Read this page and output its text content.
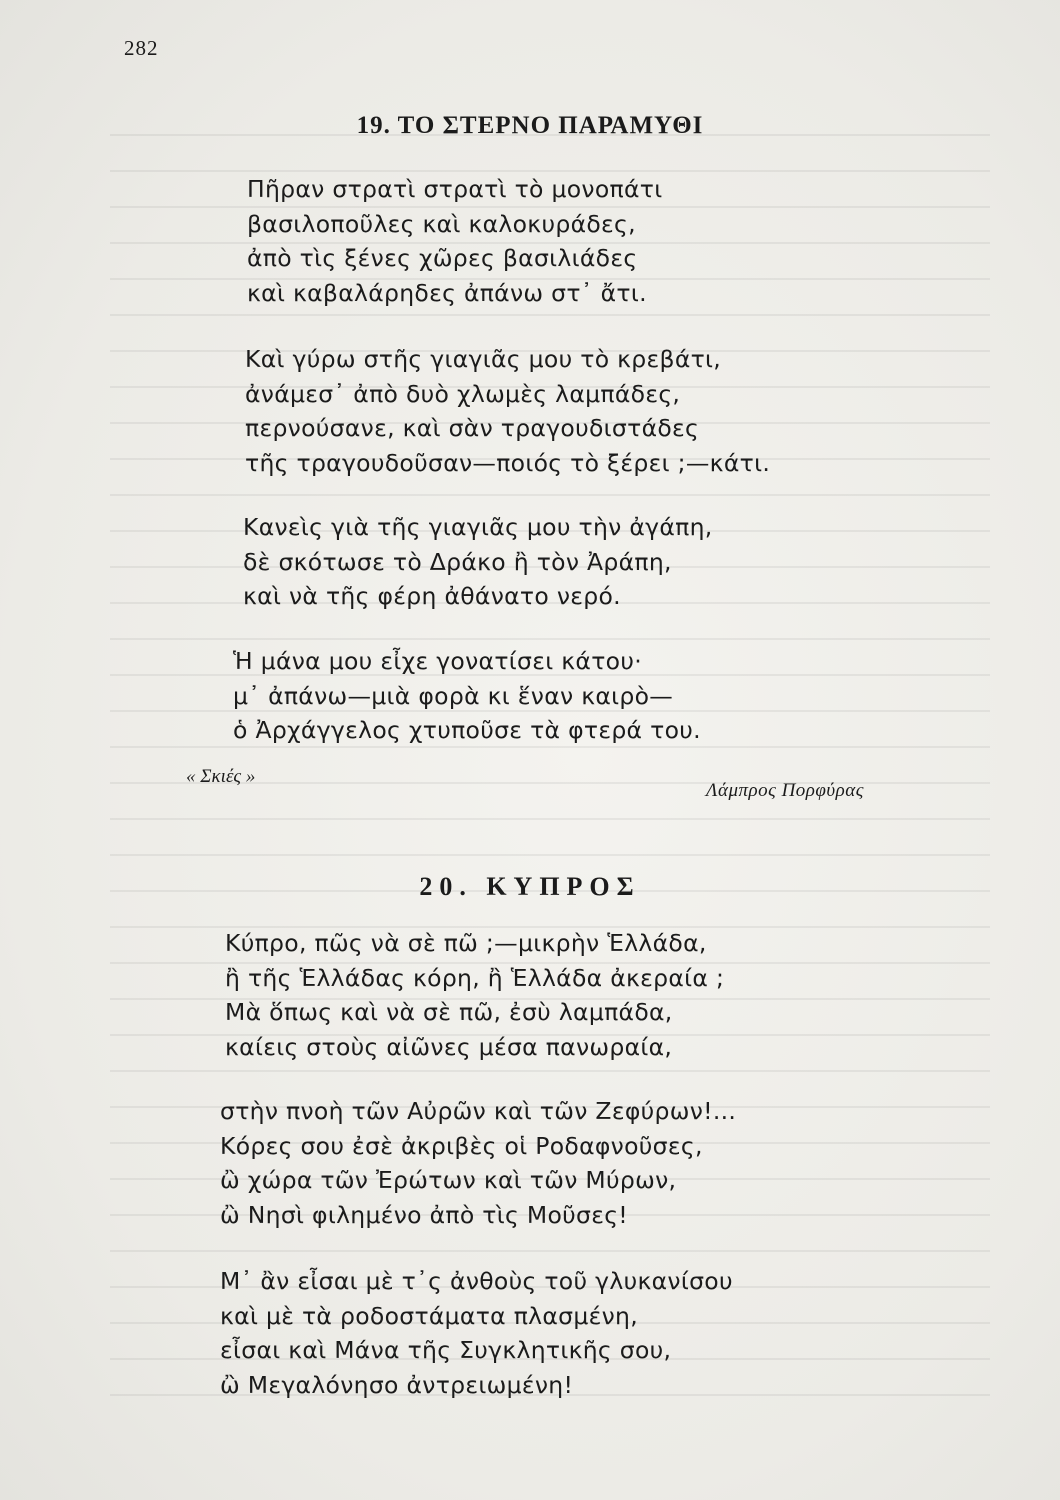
282
19. ΤΟ ΣΤΕΡΝΟ ΠΑΡΑΜΥΘΙ
Πῆραν στρατὶ στρατὶ τὸ μονοπάτι
βασιλοποῦλες καὶ καλοκυράδες,
ἀπὸ τὶς ξένες χῶρες βασιλιάδες
καὶ καβαλάρηδες ἀπάνω στ᾽ ἄτι.
Καὶ γύρω στῆς γιαγιᾶς μου τὸ κρεβάτι,
ἀνάμεσ᾽ ἀπὸ δυὸ χλωμὲς λαμπάδες,
περνούσανε, καὶ σὰν τραγουδιστάδες
τῆς τραγουδοῦσαν—ποιός τὸ ξέρει ;—κάτι.
Κανεὶς γιὰ τῆς γιαγιᾶς μου τὴν ἀγάπη,
δὲ σκότωσε τὸ Δράκο ἢ τὸν Ἀράπη,
καὶ νὰ τῆς φέρη ἀθάνατο νερό.
Ἡ μάνα μου εἶχε γονατίσει κάτου·
μ᾽ ἀπάνω—μιὰ φορὰ κι ἕναν καιρὸ—
ὁ Ἀρχάγγελος χτυποῦσε τὰ φτερά του.
« Σκιές »
Λάμπρος Πορφύρας
20. ΚΥΠΡΟΣ
Κύπρο, πῶς νὰ σὲ πῶ ;—μικρὴν Ἑλλάδα,
ἢ τῆς Ἑλλάδας κόρη, ἢ Ἑλλάδα ἀκεραία ;
Μὰ ὅπως καὶ νὰ σὲ πῶ, ἐσὺ λαμπάδα,
καίεις στοὺς αἰῶνες μέσα πανωραία,
στὴν πνοὴ τῶν Αὐρῶν καὶ τῶν Ζεφύρων!...
Κόρες σου ἐσὲ ἀκριβὲς οἱ Ροδαφνοῦσες,
ὢ χώρα τῶν Ἐρώτων καὶ τῶν Μύρων,
ὢ Νησὶ φιλημένο ἀπὸ τὶς Μοῦσες!
Μ᾽ ἂν εἶσαι μὲ τ᾽ς ἀνθοὺς τοῦ γλυκανίσου
καὶ μὲ τὰ ροδοστάματα πλασμένη,
εἶσαι καὶ Μάνα τῆς Συγκλητικῆς σου,
ὢ Μεγαλόνησο ἀντρειωμένη!
